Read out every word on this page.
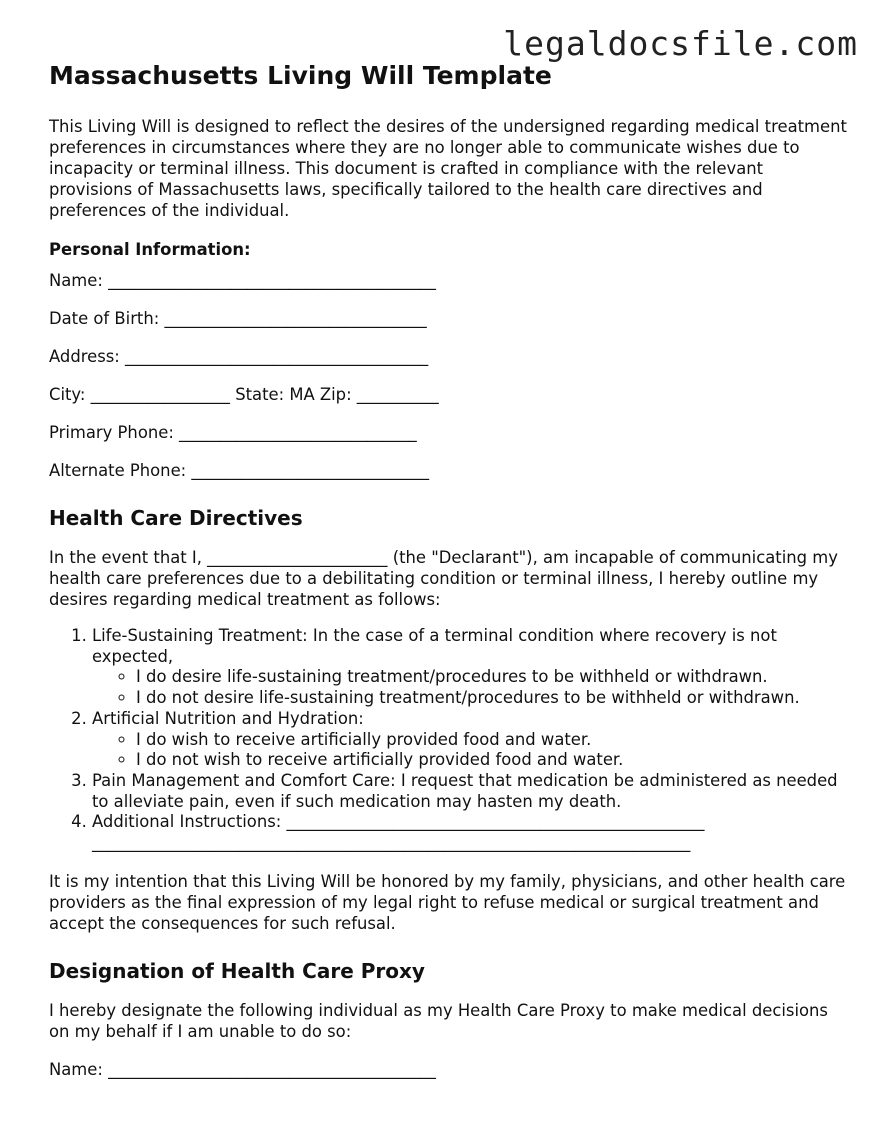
legaldocsfile.com
Massachusetts Living Will Template

This Living Will is designed to reflect the desires of the undersigned regarding medical treatment preferences in circumstances where they are no longer able to communicate wishes due to incapacity or terminal illness. This document is crafted in compliance with the relevant provisions of Massachusetts laws, specifically tailored to the health care directives and preferences of the individual.

Personal Information:
Name: ________________________________________
Date of Birth: ________________________________
Address: _____________________________________
City: _________________ State: MA Zip: __________
Primary Phone: _____________________________
Alternate Phone: _____________________________
Health Care Directives

In the event that I, ______________________ (the "Declarant"), am incapable of communicating my health care preferences due to a debilitating condition or terminal illness, I hereby outline my desires regarding medical treatment as follows:

1. Life-Sustaining Treatment: In the case of a terminal condition where recovery is not expected,
◦ I do desire life-sustaining treatment/procedures to be withheld or withdrawn.
◦ I do not desire life-sustaining treatment/procedures to be withheld or withdrawn.
2. Artificial Nutrition and Hydration:
◦ I do wish to receive artificially provided food and water.
◦ I do not wish to receive artificially provided food and water.
3. Pain Management and Comfort Care: I request that medication be administered as needed to alleviate pain, even if such medication may hasten my death.
4. Additional Instructions: ___________________________________________________
_________________________________________________________________________

It is my intention that this Living Will be honored by my family, physicians, and other health care providers as the final expression of my legal right to refuse medical or surgical treatment and accept the consequences for such refusal.

Designation of Health Care Proxy

I hereby designate the following individual as my Health Care Proxy to make medical decisions on my behalf if I am unable to do so:

Name: ________________________________________
